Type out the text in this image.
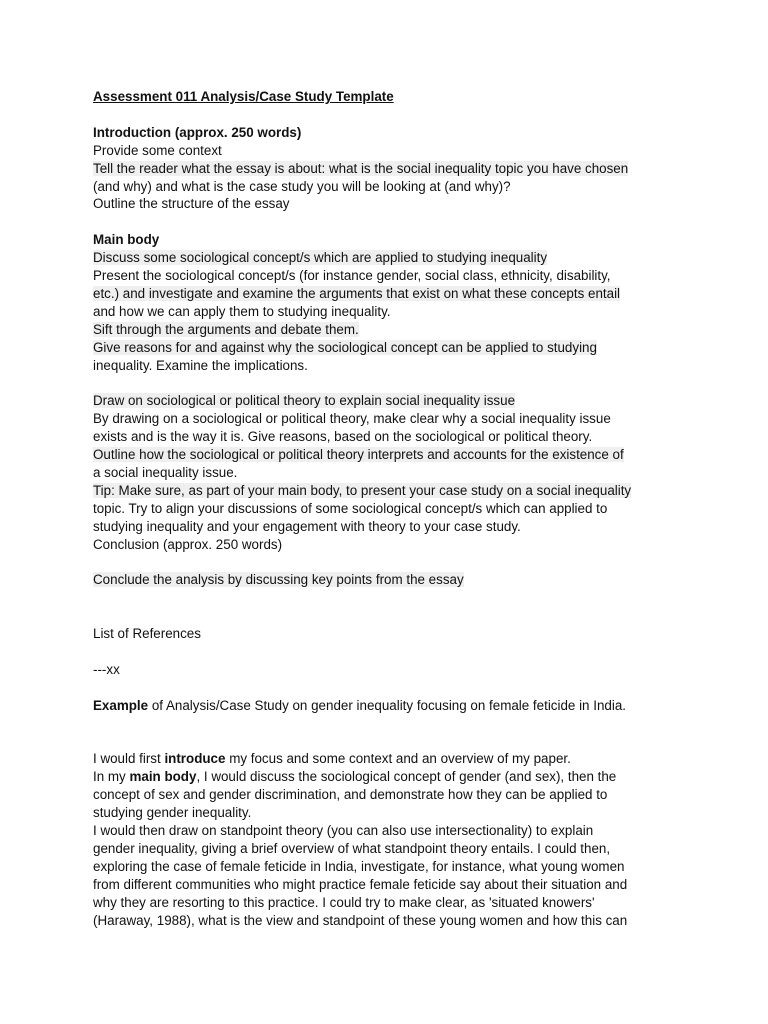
Assessment 011 Analysis/Case Study Template
Introduction (approx. 250 words)
Provide some context
Tell the reader what the essay is about: what is the social inequality topic you have chosen
(and why) and what is the case study you will be looking at (and why)?
Outline the structure of the essay
Main body
Discuss some sociological concept/s which are applied to studying inequality
Present the sociological concept/s (for instance gender, social class, ethnicity, disability,
etc.) and investigate and examine the arguments that exist on what these concepts entail
and how we can apply them to studying inequality.
Sift through the arguments and debate them.
Give reasons for and against why the sociological concept can be applied to studying
inequality. Examine the implications.
Draw on sociological or political theory to explain social inequality issue
By drawing on a sociological or political theory, make clear why a social inequality issue
exists and is the way it is. Give reasons, based on the sociological or political theory.
Outline how the sociological or political theory interprets and accounts for the existence of
a social inequality issue.
Tip: Make sure, as part of your main body, to present your case study on a social inequality
topic. Try to align your discussions of some sociological concept/s which can applied to
studying inequality and your engagement with theory to your case study.
Conclusion (approx. 250 words)
Conclude the analysis by discussing key points from the essay
List of References
---xx
Example of Analysis/Case Study on gender inequality focusing on female feticide in India.
I would first introduce my focus and some context and an overview of my paper.
In my main body, I would discuss the sociological concept of gender (and sex), then the
concept of sex and gender discrimination, and demonstrate how they can be applied to
studying gender inequality.
I would then draw on standpoint theory (you can also use intersectionality) to explain
gender inequality, giving a brief overview of what standpoint theory entails. I could then,
exploring the case of female feticide in India, investigate, for instance, what young women
from different communities who might practice female feticide say about their situation and
why they are resorting to this practice. I could try to make clear, as 'situated knowers'
(Haraway, 1988), what is the view and standpoint of these young women and how this can
